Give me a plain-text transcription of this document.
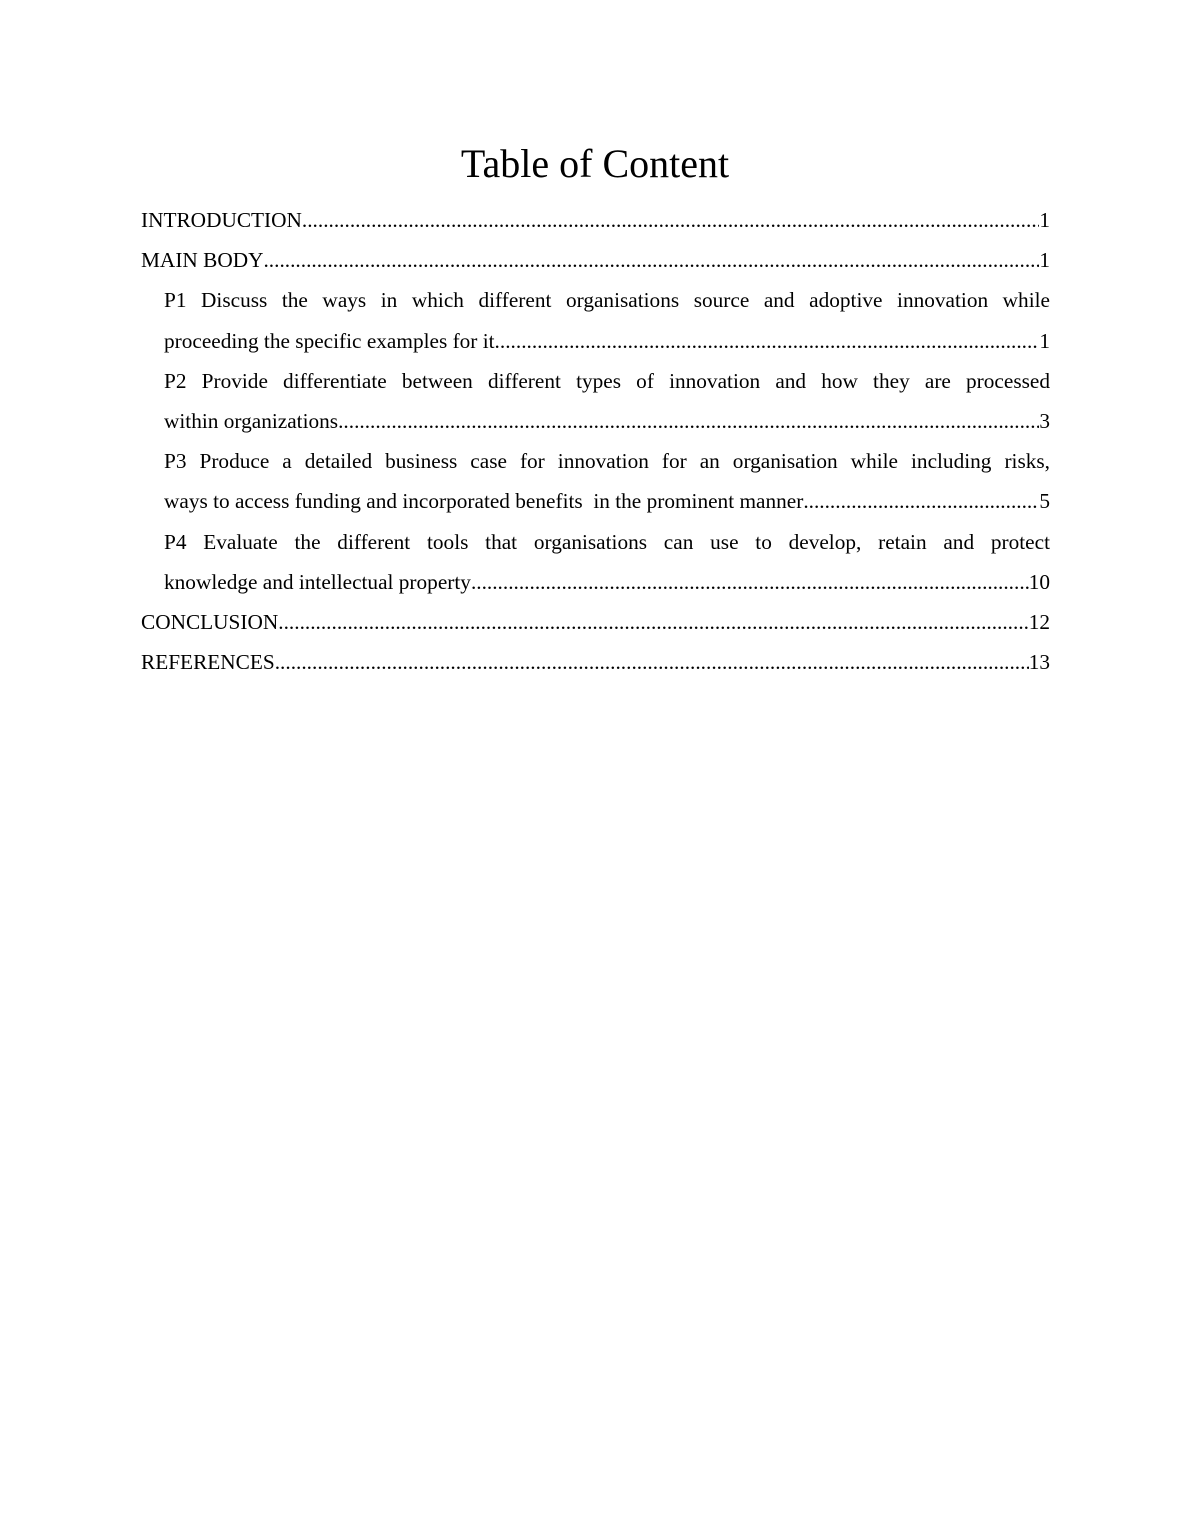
Table of Content
INTRODUCTION .....	1
MAIN BODY .....	1
P1 Discuss the ways in which different organisations source and adoptive innovation while
proceeding the specific examples for it. .....	1
P2 Provide differentiate between different types of innovation and how they are processed
within organizations .....	3
P3 Produce a detailed business case for innovation for an organisation while including risks,
ways to access funding and incorporated benefits  in the prominent manner .....	5
P4 Evaluate the different tools that organisations can use to develop, retain and protect
knowledge and intellectual property .....	10
CONCLUSION .....	12
REFERENCES .....	13
